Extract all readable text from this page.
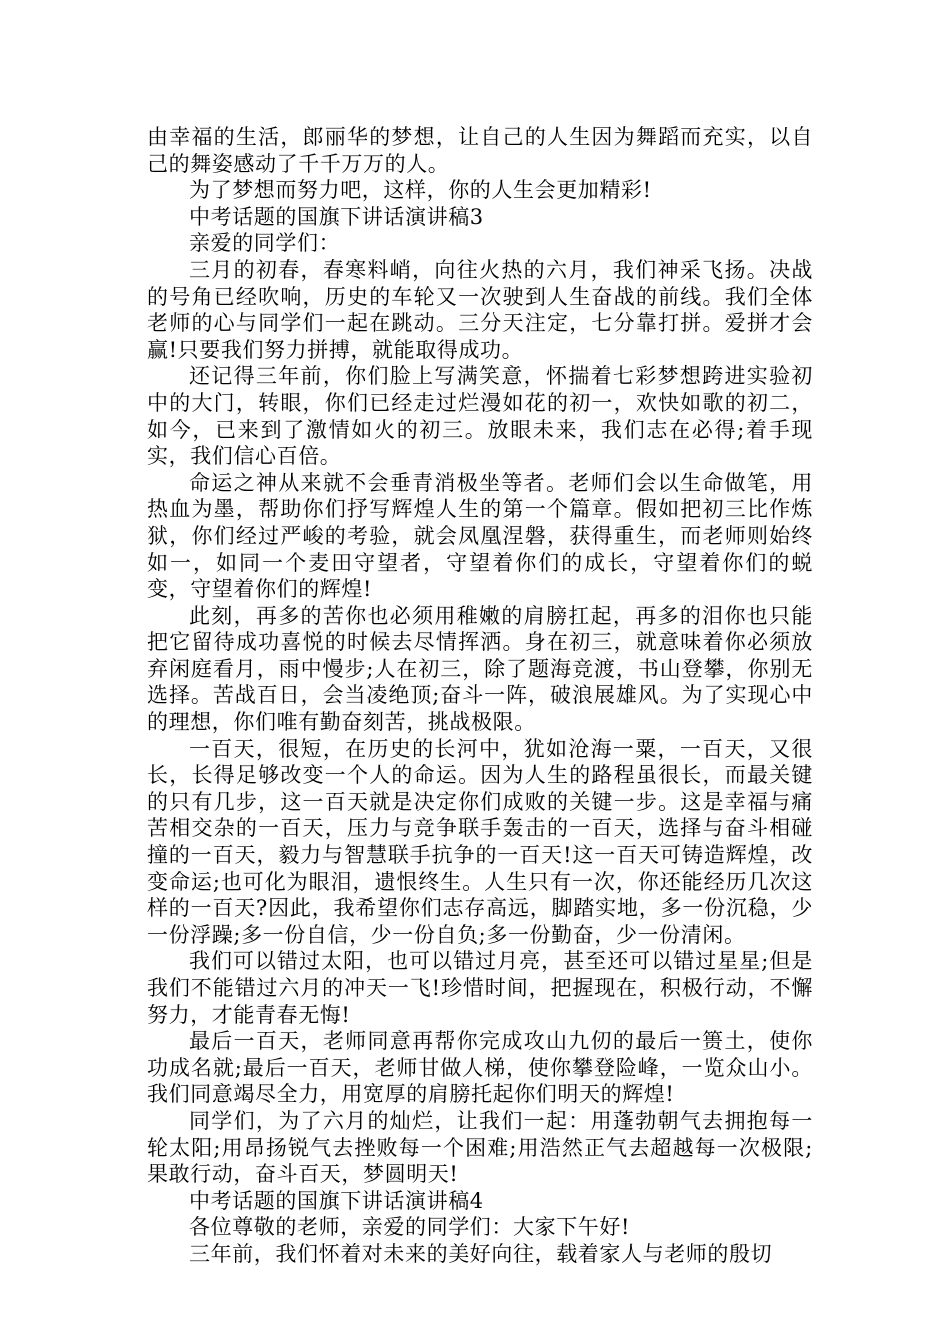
由幸福的生活，郎丽华的梦想，让自己的人生因为舞蹈而充实，以自己的舞姿感动了千千万万的人。

为了梦想而努力吧，这样，你的人生会更加精彩!

中考话题的国旗下讲话演讲稿3

亲爱的同学们：

三月的初春，春寒料峭，向往火热的六月，我们神采飞扬。决战的号角已经吹响，历史的车轮又一次驶到人生奋战的前线。我们全体老师的心与同学们一起在跳动。三分天注定，七分靠打拼。爱拼才会赢!只要我们努力拼搏，就能取得成功。

还记得三年前，你们脸上写满笑意，怀揣着七彩梦想跨进实验初中的大门，转眼，你们已经走过烂漫如花的初一，欢快如歌的初二，如今，已来到了激情如火的初三。放眼未来，我们志在必得;着手现实，我们信心百倍。

命运之神从来就不会垂青消极坐等者。老师们会以生命做笔，用热血为墨，帮助你们抒写辉煌人生的第一个篇章。假如把初三比作炼狱，你们经过严峻的考验，就会凤凰涅磐，获得重生，而老师则始终如一，如同一个麦田守望者，守望着你们的成长，守望着你们的蜕变，守望着你们的辉煌!

此刻，再多的苦你也必须用稚嫩的肩膀扛起，再多的泪你也只能把它留待成功喜悦的时候去尽情挥洒。身在初三，就意味着你必须放弃闲庭看月，雨中慢步;人在初三，除了题海竞渡，书山登攀，你别无选择。苦战百日，会当凌绝顶;奋斗一阵，破浪展雄风。为了实现心中的理想，你们唯有勤奋刻苦，挑战极限。

一百天，很短，在历史的长河中，犹如沧海一粟，一百天，又很长，长得足够改变一个人的命运。因为人生的路程虽很长，而最关键的只有几步，这一百天就是决定你们成败的关键一步。这是幸福与痛苦相交杂的一百天，压力与竞争联手轰击的一百天，选择与奋斗相碰撞的一百天，毅力与智慧联手抗争的一百天!这一百天可铸造辉煌，改变命运;也可化为眼泪，遗恨终生。人生只有一次，你还能经历几次这样的一百天?因此，我希望你们志存高远，脚踏实地，多一份沉稳，少一份浮躁;多一份自信，少一份自负;多一份勤奋，少一份清闲。

我们可以错过太阳，也可以错过月亮，甚至还可以错过星星;但是我们不能错过六月的冲天一飞!珍惜时间，把握现在，积极行动，不懈努力，才能青春无悔!

最后一百天，老师同意再帮你完成攻山九仞的最后一篑土，使你功成名就;最后一百天，老师甘做人梯，使你攀登险峰，一览众山小。我们同意竭尽全力，用宽厚的肩膀托起你们明天的辉煌!

同学们，为了六月的灿烂，让我们一起：用蓬勃朝气去拥抱每一轮太阳;用昂扬锐气去挫败每一个困难;用浩然正气去超越每一次极限;果敢行动，奋斗百天，梦圆明天!

中考话题的国旗下讲话演讲稿4

各位尊敬的老师，亲爱的同学们：大家下午好!

三年前，我们怀着对未来的美好向往，载着家人与老师的殷切
